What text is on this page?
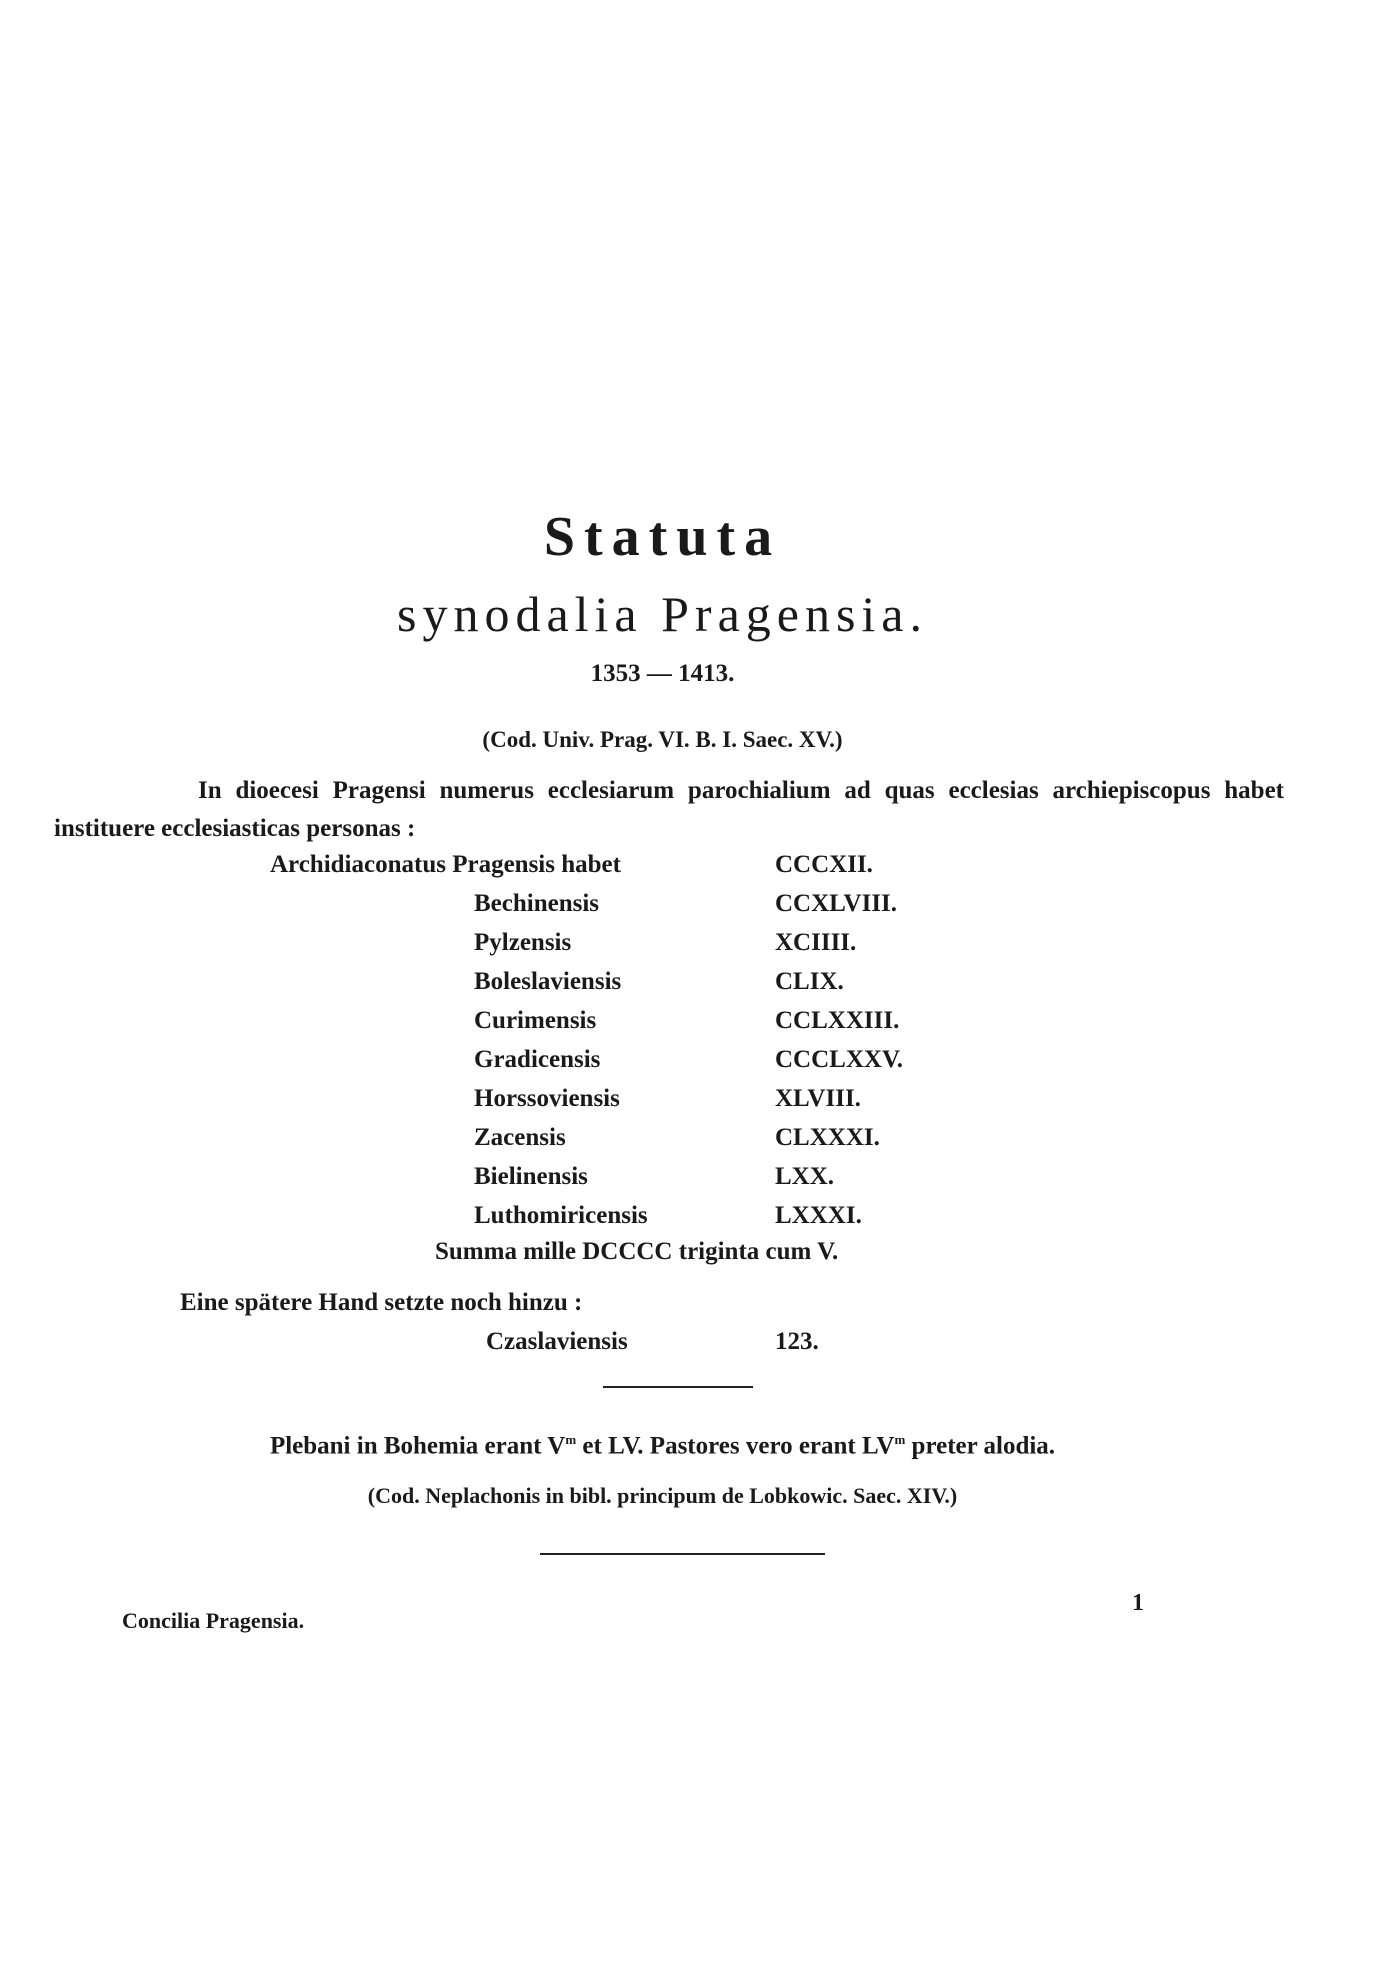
Statuta
synodalia Pragensia.
1353 — 1413.
(Cod. Univ. Prag. VI. B. I. Saec. XV.)
In dioecesi Pragensi numerus ecclesiarum parochialium ad quas ecclesias archiepiscopus habet instituere ecclesiasticas personas :
Archidiaconatus Pragensis habet	CCCXII.
Bechinensis	CCXLVIII.
Pylzensis	XCIIII.
Boleslaviensis	CLIX.
Curimensis	CCLXXIII.
Gradicensis	CCCLXXV.
Horssoviensis	XLVIII.
Zacensis	CLXXXI.
Bielinensis	LXX.
Luthomiricensis	LXXXI.
Summa mille DCCCC triginta cum V.
Eine spätere Hand setzte noch hinzu :
Czaslaviensis	123.
Plebani in Bohemia erant $V^m$ et LV. Pastores vero erant $LV^m$ preter alodia.
(Cod. Neplachonis in bibl. principum de Lobkowic. Saec. XIV.)
Concilia Pragensia.
1
